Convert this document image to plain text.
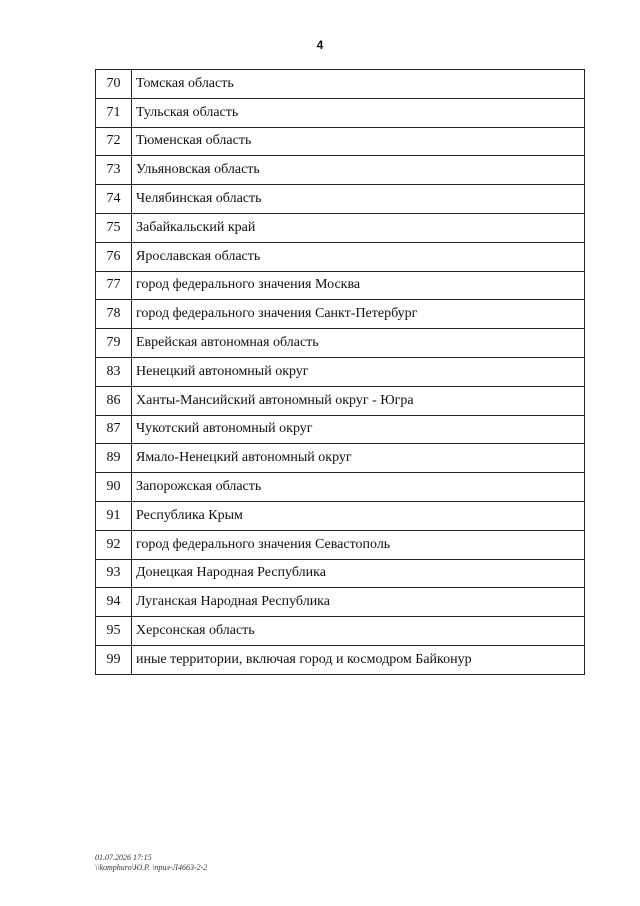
4
70	Томская область
71	Тульская область
72	Тюменская область
73	Ульяновская область
74	Челябинская область
75	Забайкальский край
76	Ярославская область
77	город федерального значения Москва
78	город федерального значения Санкт-Петербург
79	Еврейская автономная область
83	Ненецкий автономный округ
86	Ханты-Мансийский автономный округ - Югра
87	Чукотский автономный округ
89	Ямало-Ненецкий автономный округ
90	Запорожская область
91	Республика Крым
92	город федерального значения Севастополь
93	Донецкая Народная Республика
94	Луганская Народная Республика
95	Херсонская область
99	иные территории, включая город и космодром Байконур
01.07.2026 17:15
\\komphuro\Ю.Р. \прил-Л4663-2-2
